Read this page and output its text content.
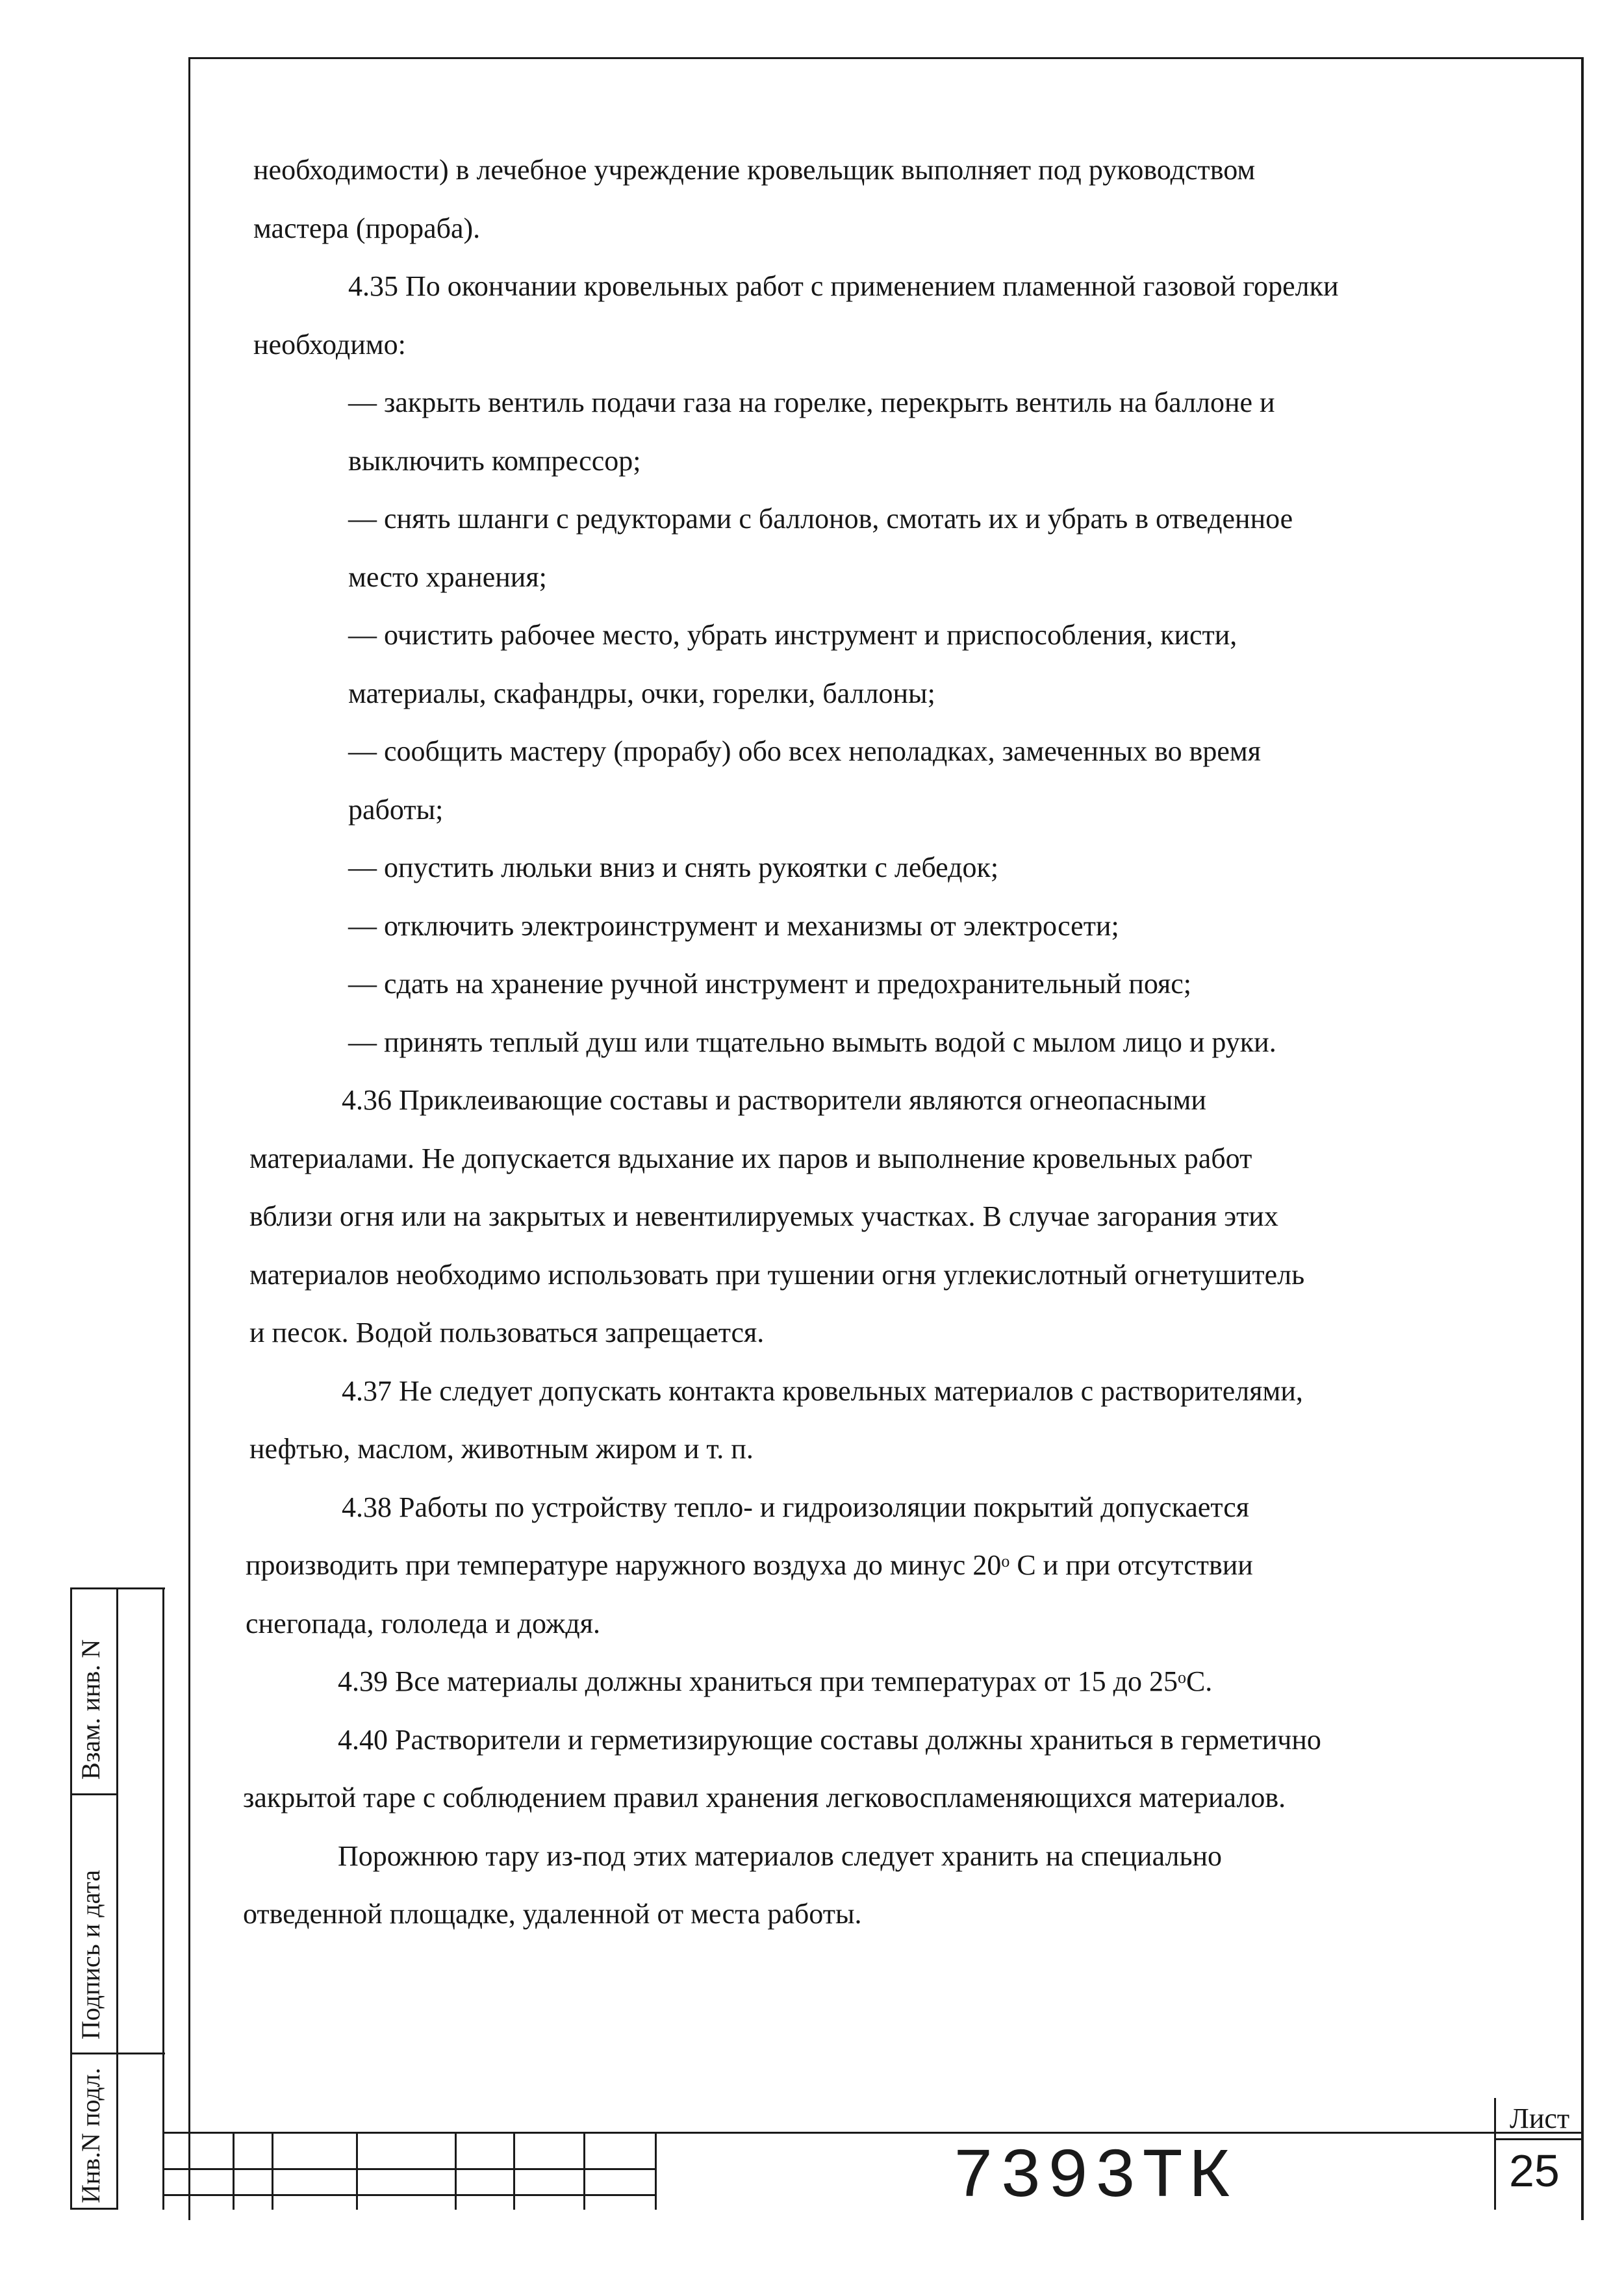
необходимости) в лечебное учреждение кровельщик выполняет под руководством
мастера (прораба).
4.35 По окончании кровельных работ с применением пламенной газовой горелки
необходимо:
— закрыть вентиль подачи газа на горелке, перекрыть вентиль на баллоне и
выключить компрессор;
— снять шланги с редукторами с баллонов, смотать их и убрать в отведенное
место хранения;
— очистить рабочее место, убрать инструмент и приспособления, кисти,
материалы, скафандры, очки, горелки, баллоны;
— сообщить мастеру (прорабу) обо всех неполадках, замеченных во время
работы;
— опустить люльки вниз и снять рукоятки с лебедок;
— отключить электроинструмент и механизмы от электросети;
— сдать на хранение ручной инструмент и предохранительный пояс;
— принять теплый душ или тщательно вымыть водой с мылом лицо и руки.
4.36 Приклеивающие составы и растворители являются огнеопасными
материалами. Не допускается вдыхание их паров и выполнение кровельных работ
вблизи огня или на закрытых и невентилируемых участках. В случае загорания этих
материалов необходимо использовать при тушении огня углекислотный огнетушитель
и песок. Водой пользоваться запрещается.
4.37 Не следует допускать контакта кровельных материалов с растворителями,
нефтью, маслом, животным жиром и т. п.
4.38 Работы по устройству тепло- и гидроизоляции покрытий допускается
производить при температуре наружного воздуха до минус $20^о$ С и при отсутствии
снегопада, гололеда и дождя.
4.39 Все материалы должны храниться при температурах от 15 до $25^оС$.
4.40 Растворители и герметизирующие составы должны храниться в герметично
закрытой таре с соблюдением правил хранения легковоспламеняющихся материалов.
Порожнюю тару из-под этих материалов следует хранить на специально
отведенной площадке, удаленной от места работы.
7393ТК
Лист
25
Взам. инв. N
Подпись и дата
Инв.N подл.
